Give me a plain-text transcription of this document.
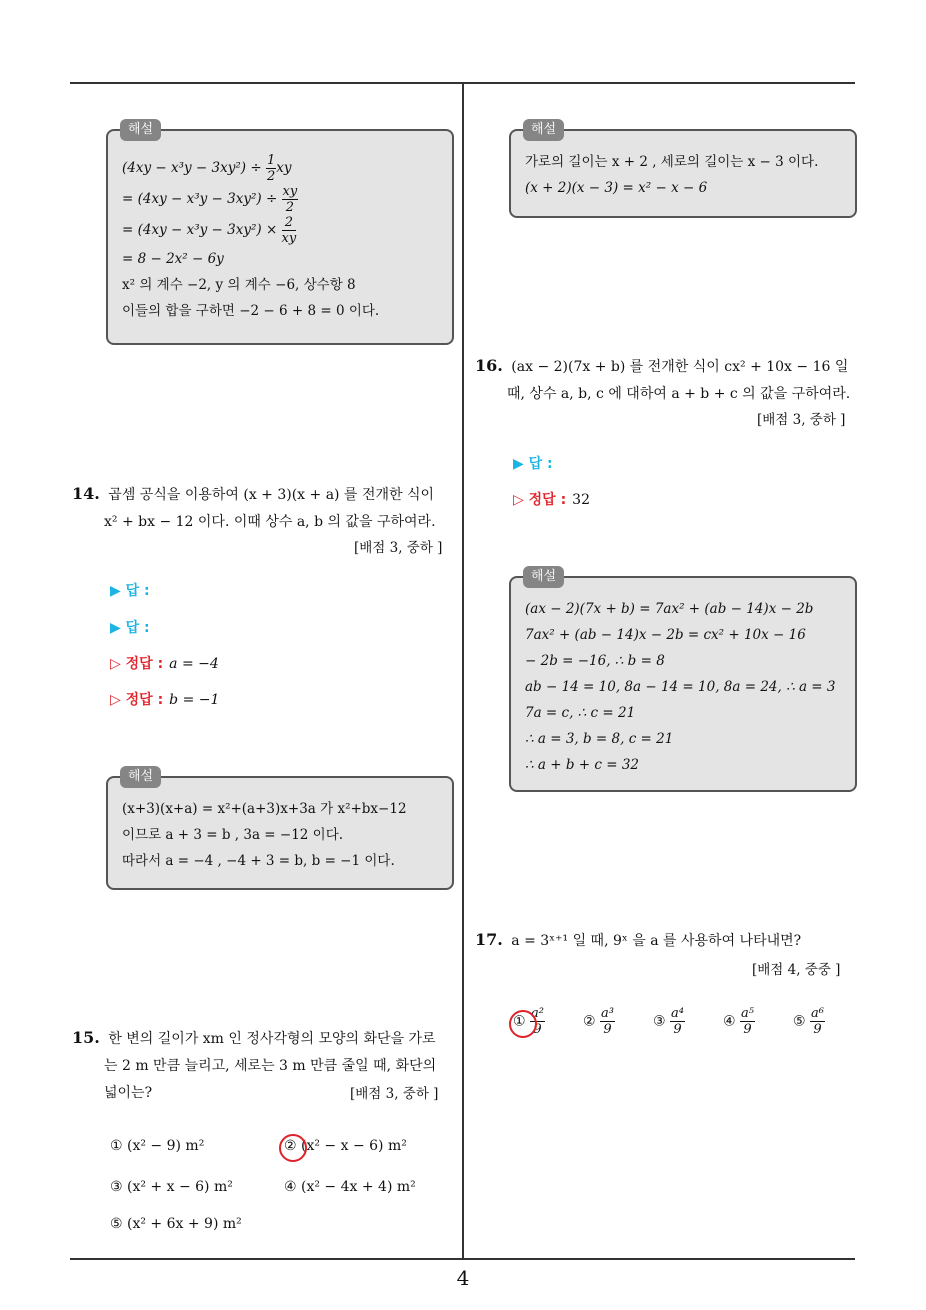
해설
$(4xy - x^3y - 3xy^2) \div \frac{1}{2}$ xy
= $(4xy - x^3y - 3xy^2) \div \frac{xy}{2}$
= $(4xy - x^3y - 3xy^2) \times \frac{2}{xy}$
= 8 − 2x² − 6y
x² 의 계수 −2, y 의 계수 −6, 상수항 8
이들의 합을 구하면 −2 − 6 + 8 = 0 이다.
14. 곱셈 공식을 이용하여 (x + 3)(x + a) 를 전개한 식이
x² + bx − 12 이다. 이때 상수 a, b 의 값을 구하여라.
[배점 3, 중하 ]
▶ 답 :
▶ 답 :
▷ 정답 : a = −4
▷ 정답 : b = −1
해설
(x+3)(x+a) = x²+(a+3)x+3a 가 x²+bx−12
이므로 a + 3 = b , 3a = −12 이다.
따라서 a = −4 , −4 + 3 = b, b = −1 이다.
15. 한 변의 길이가 xm 인 정사각형의 모양의 화단을 가로
는 2 m 만큼 늘리고, 세로는 3 m 만큼 줄일 때, 화단의
넓이는?	[배점 3, 중하 ]
① (x² − 9) m²	② (x² − x − 6) m²
③ (x² + x − 6) m²	④ (x² − 4x + 4) m²
⑤ (x² + 6x + 9) m²
해설
가로의 길이는 x + 2 , 세로의 길이는 x − 3 이다.
(x + 2)(x − 3) = x² − x − 6
16. (ax − 2)(7x + b) 를 전개한 식이 cx² + 10x − 16 일
때, 상수 a, b, c 에 대하여 a + b + c 의 값을 구하여라.
[배점 3, 중하 ]
▶ 답 :
▷ 정답 : 32
해설
(ax − 2)(7x + b) = 7ax² + (ab − 14)x − 2b
7ax² + (ab − 14)x − 2b = cx² + 10x − 16
− 2b = −16, ∴ b = 8
ab − 14 = 10, 8a − 14 = 10, 8a = 24, ∴ a = 3
7a = c, ∴ c = 21
∴ a = 3, b = 8, c = 21
∴ a + b + c = 32
17. a = 3ˣ⁺¹ 일 때, 9ˣ 을 a 를 사용하여 나타내면?
[배점 4, 중중 ]
① $\frac{\text{a²}}{9}$	② $\frac{\text{a³}}{9}$	③ $\frac{\text{a⁴}}{9}$	④ $\frac{\text{a⁵}}{9}$	⑤ $\frac{\text{a⁶}}{9}$
4
